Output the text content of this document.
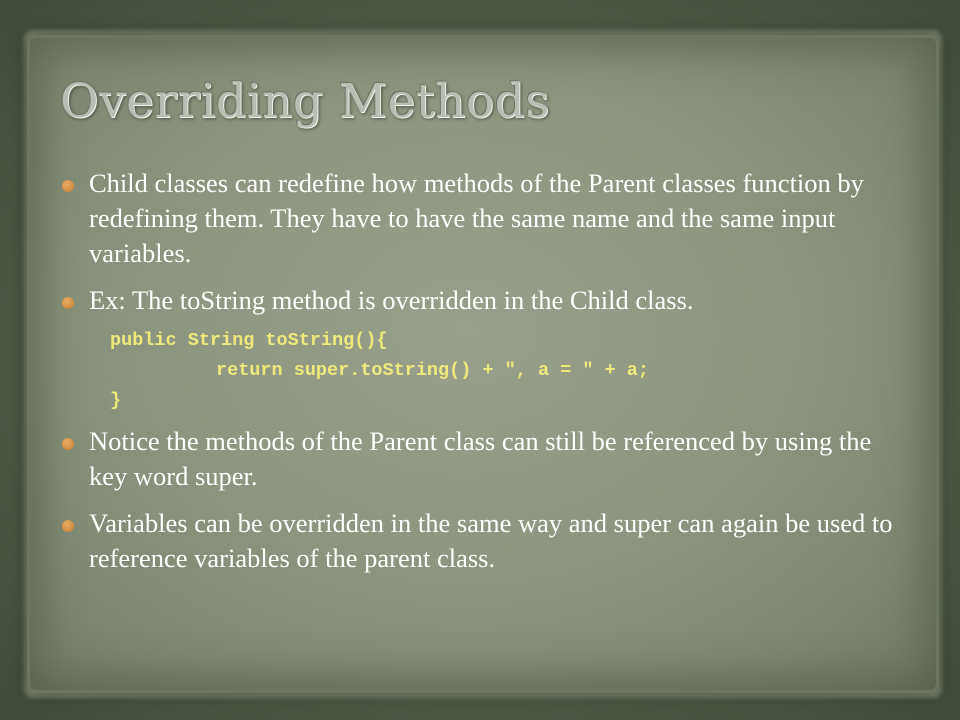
Overriding Methods
Child classes can redefine how methods of the Parent classes function by redefining them. They have to have the same name and the same input variables.
Ex: The toString method is overridden in the Child class.
public String toString(){
return super.toString() + ", a = " + a;
}
Notice the methods of the Parent class can still be referenced by using the key word super.
Variables can be overridden in the same way and super can again be used to reference variables of the parent class.
